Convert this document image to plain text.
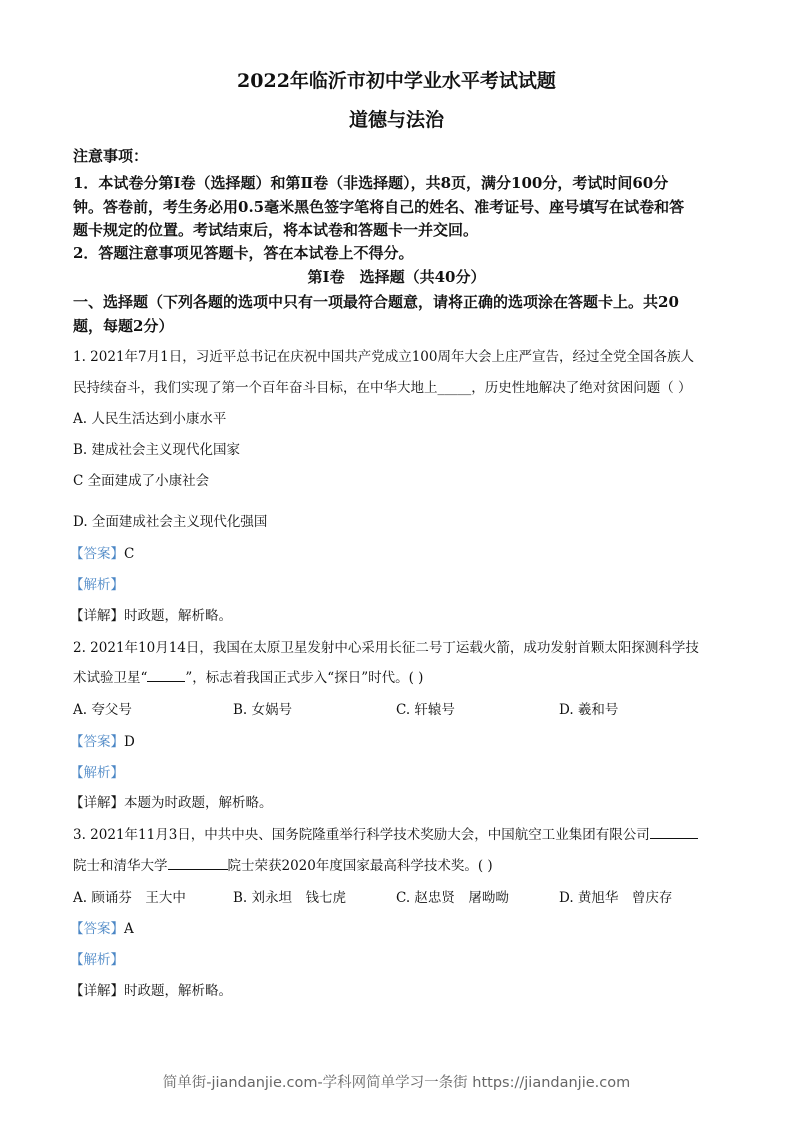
2022年临沂市初中学业水平考试试题
道德与法治
注意事项：
1．本试卷分第Ⅰ卷（选择题）和第Ⅱ卷（非选择题），共8页，满分100分，考试时间60分
钟。答卷前，考生务必用0.5毫米黑色签字笔将自己的姓名、准考证号、座号填写在试卷和答
题卡规定的位置。考试结束后，将本试卷和答题卡一并交回。
2．答题注意事项见答题卡，答在本试卷上不得分。
第Ⅰ卷　选择题（共40分）
一、选择题（下列各题的选项中只有一项最符合题意，请将正确的选项涂在答题卡上。共20
题，每题2分）
1. 2021年7月1日，习近平总书记在庆祝中国共产党成立100周年大会上庄严宣告，经过全党全国各族人
民持续奋斗，我们实现了第一个百年奋斗目标，在中华大地上_____，历史性地解决了绝对贫困问题（ ）
A. 人民生活达到小康水平
B. 建成社会主义现代化国家
C 全面建成了小康社会
D. 全面建成社会主义现代化强国
【答案】C
【解析】
【详解】时政题，解析略。
2. 2021年10月14日，我国在太原卫星发射中心采用长征二号丁运载火箭，成功发射首颗太阳探测科学技
术试验卫星“	”，标志着我国正式步入“探日”时代。( )
A. 夸父号	B. 女娲号	C. 轩辕号	D. 羲和号
【答案】D
【解析】
【详解】本题为时政题，解析略。
3. 2021年11月3日，中共中央、国务院隆重举行科学技术奖励大会，中国航空工业集团有限公司
院士和清华大学	院士荣获2020年度国家最高科学技术奖。( )
A. 顾诵芬　王大中	B. 刘永坦　钱七虎	C. 赵忠贤　屠呦呦	D. 黄旭华　曾庆存
【答案】A
【解析】
【详解】时政题，解析略。
简单街-jiandanjie.com-学科网简单学习一条街 https://jiandanjie.com
